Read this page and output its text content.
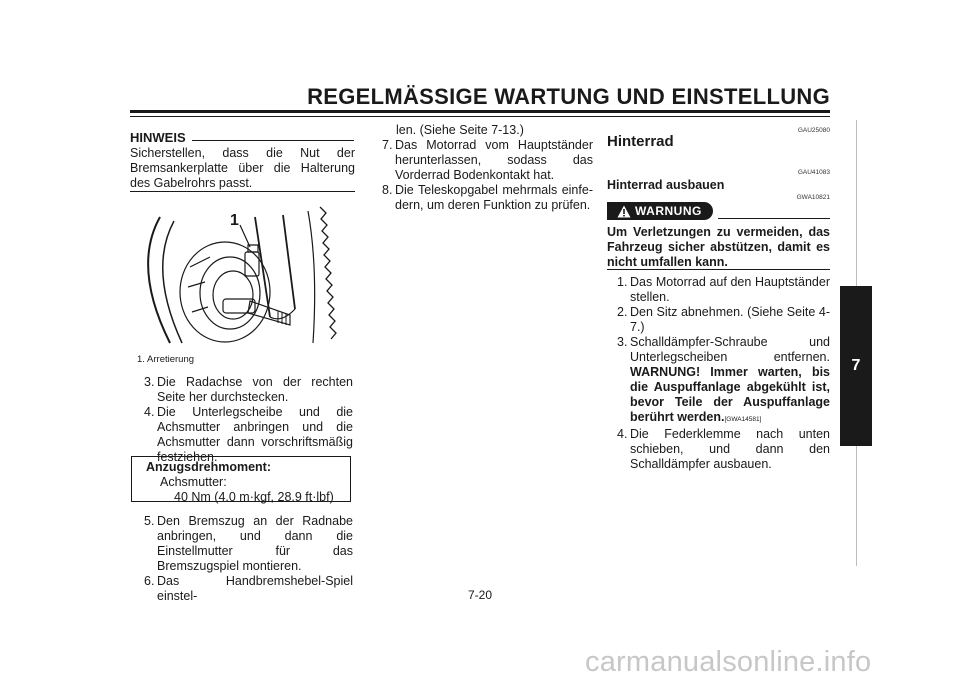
REGELMÄSSIGE WARTUNG UND EINSTELLUNG
HINWEIS
Sicherstellen, dass die Nut der Bremsankerplatte über die Halterung des Gabelrohrs passt.
1
1. Arretierung
3. Die Radachse von der rechten Seite her durchstecken.
4. Die Unterlegscheibe und die Achsmutter anbringen und die Achsmutter dann vorschriftsmäßig festziehen.
Anzugsdrehmoment:
Achsmutter:
40 Nm (4.0 m·kgf, 28.9 ft·lbf)
5. Den Bremszug an der Radnabe anbringen, und dann die Einstellmutter für das Bremszugspiel montieren.
6. Das Handbremshebel-Spiel einstel-
len. (Siehe Seite 7-13.)
7. Das Motorrad vom Hauptständer herunterlassen, sodass das Vorderrad Bodenkontakt hat.
8. Die Teleskopgabel mehrmals einfedern, um deren Funktion zu prüfen.
GAU25080
Hinterrad
GAU41083
Hinterrad ausbauen
GWA10821
WARNUNG
Um Verletzungen zu vermeiden, das Fahrzeug sicher abstützen, damit es nicht umfallen kann.
1. Das Motorrad auf den Hauptständer stellen.
2. Den Sitz abnehmen. (Siehe Seite 4-7.)
3. Schalldämpfer-Schraube und Unterlegscheiben entfernen. WARNUNG! Immer warten, bis die Auspuffanlage abgekühlt ist, bevor Teile der Auspuffanlage berührt werden.[GWA14581]
4. Die Federklemme nach unten schieben, und dann den Schalldämpfer ausbauen.
7-20
7
carmanualsonline.info
